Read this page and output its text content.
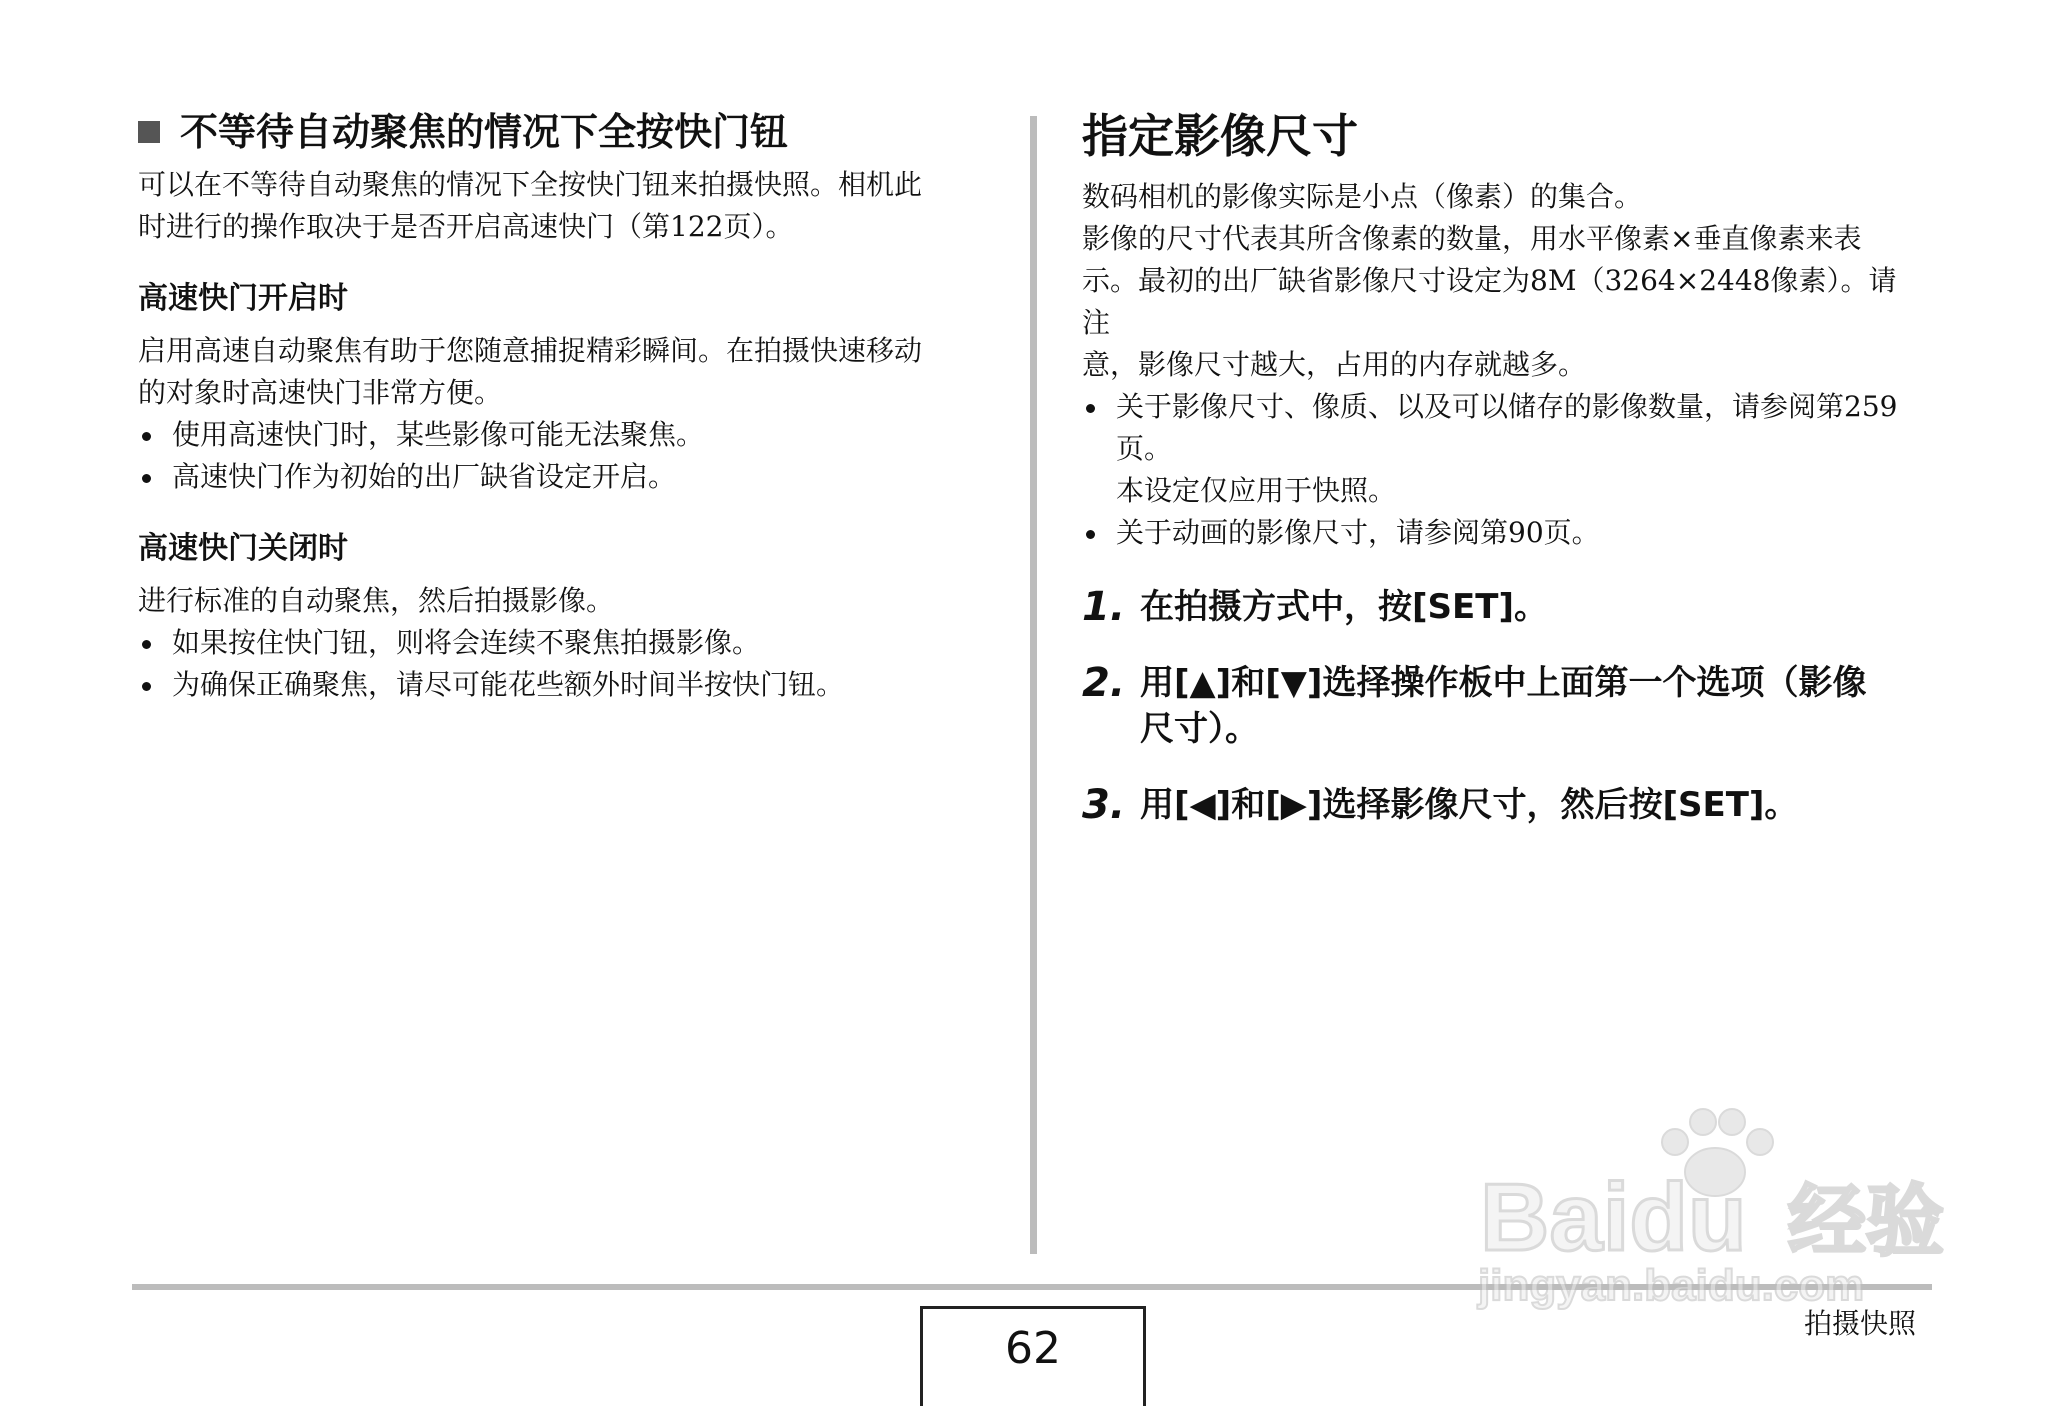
不等待自动聚焦的情况下全按快门钮

可以在不等待自动聚焦的情况下全按快门钮来拍摄快照。相机此

时进行的操作取决于是否开启高速快门（第122页）。

高速快门开启时

启用高速自动聚焦有助于您随意捕捉精彩瞬间。在拍摄快速移动

的对象时高速快门非常方便。

使用高速快门时，某些影像可能无法聚焦。
高速快门作为初始的出厂缺省设定开启。
高速快门关闭时

进行标准的自动聚焦，然后拍摄影像。

如果按住快门钮，则将会连续不聚焦拍摄影像。
为确保正确聚焦，请尽可能花些额外时间半按快门钮。
指定影像尺寸

数码相机的影像实际是小点（像素）的集合。

影像的尺寸代表其所含像素的数量，用水平像素×垂直像素来表

示。最初的出厂缺省影像尺寸设定为8M（3264×2448像素）。请注

意，影像尺寸越大，占用的内存就越多。

关于影像尺寸、像质、以及可以储存的影像数量，请参阅第259
页。
本设定仅应用于快照。
关于动画的影像尺寸，请参阅第90页。
1. 在拍摄方式中，按[SET]。
2. 用[▲]和[▼]选择操作板中上面第一个选项（影像
尺寸）。
3. 用[◀]和[▶]选择影像尺寸，然后按[SET]。
62	拍摄快照
Baidu 经验
jingyan.baidu.com
